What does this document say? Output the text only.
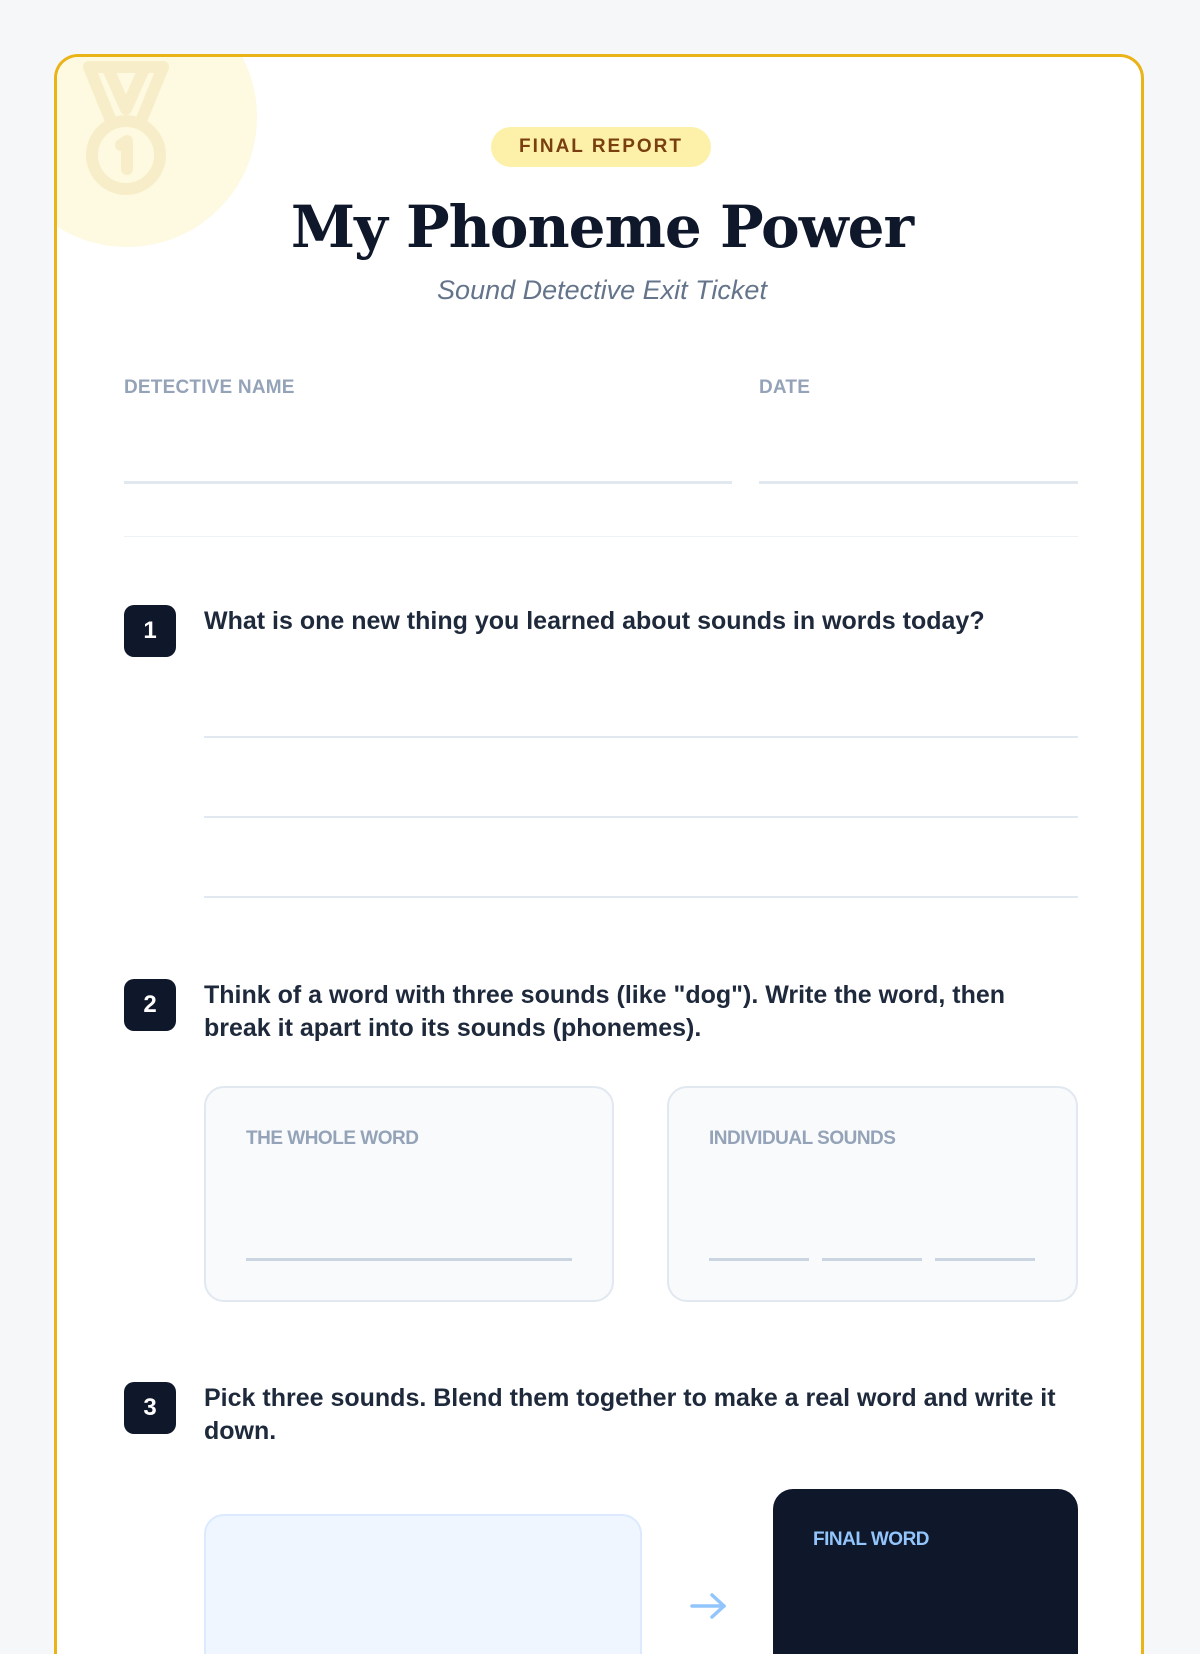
FINAL REPORT
My Phoneme Power
Sound Detective Exit Ticket
DETECTIVE NAME	DATE
1	What is one new thing you learned about sounds in words today?
2	Think of a word with three sounds (like "dog"). Write the word, then break it apart into its sounds (phonemes).
THE WHOLE WORD	INDIVIDUAL SOUNDS
3	Pick three sounds. Blend them together to make a real word and write it down.
FINAL WORD
